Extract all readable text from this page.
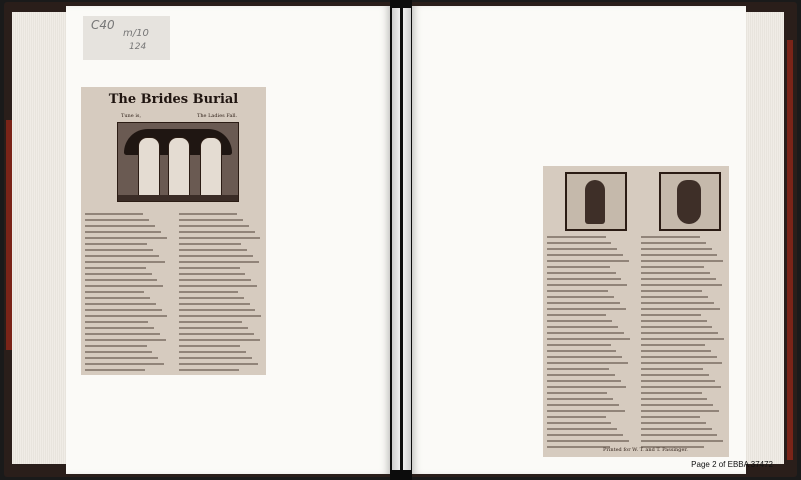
C40
m/10
124
The Brides Burial
Tune is,	The Ladies Fall.
Printed for W. T. and T. Passinger.
Page 2 of EBBA 37472
